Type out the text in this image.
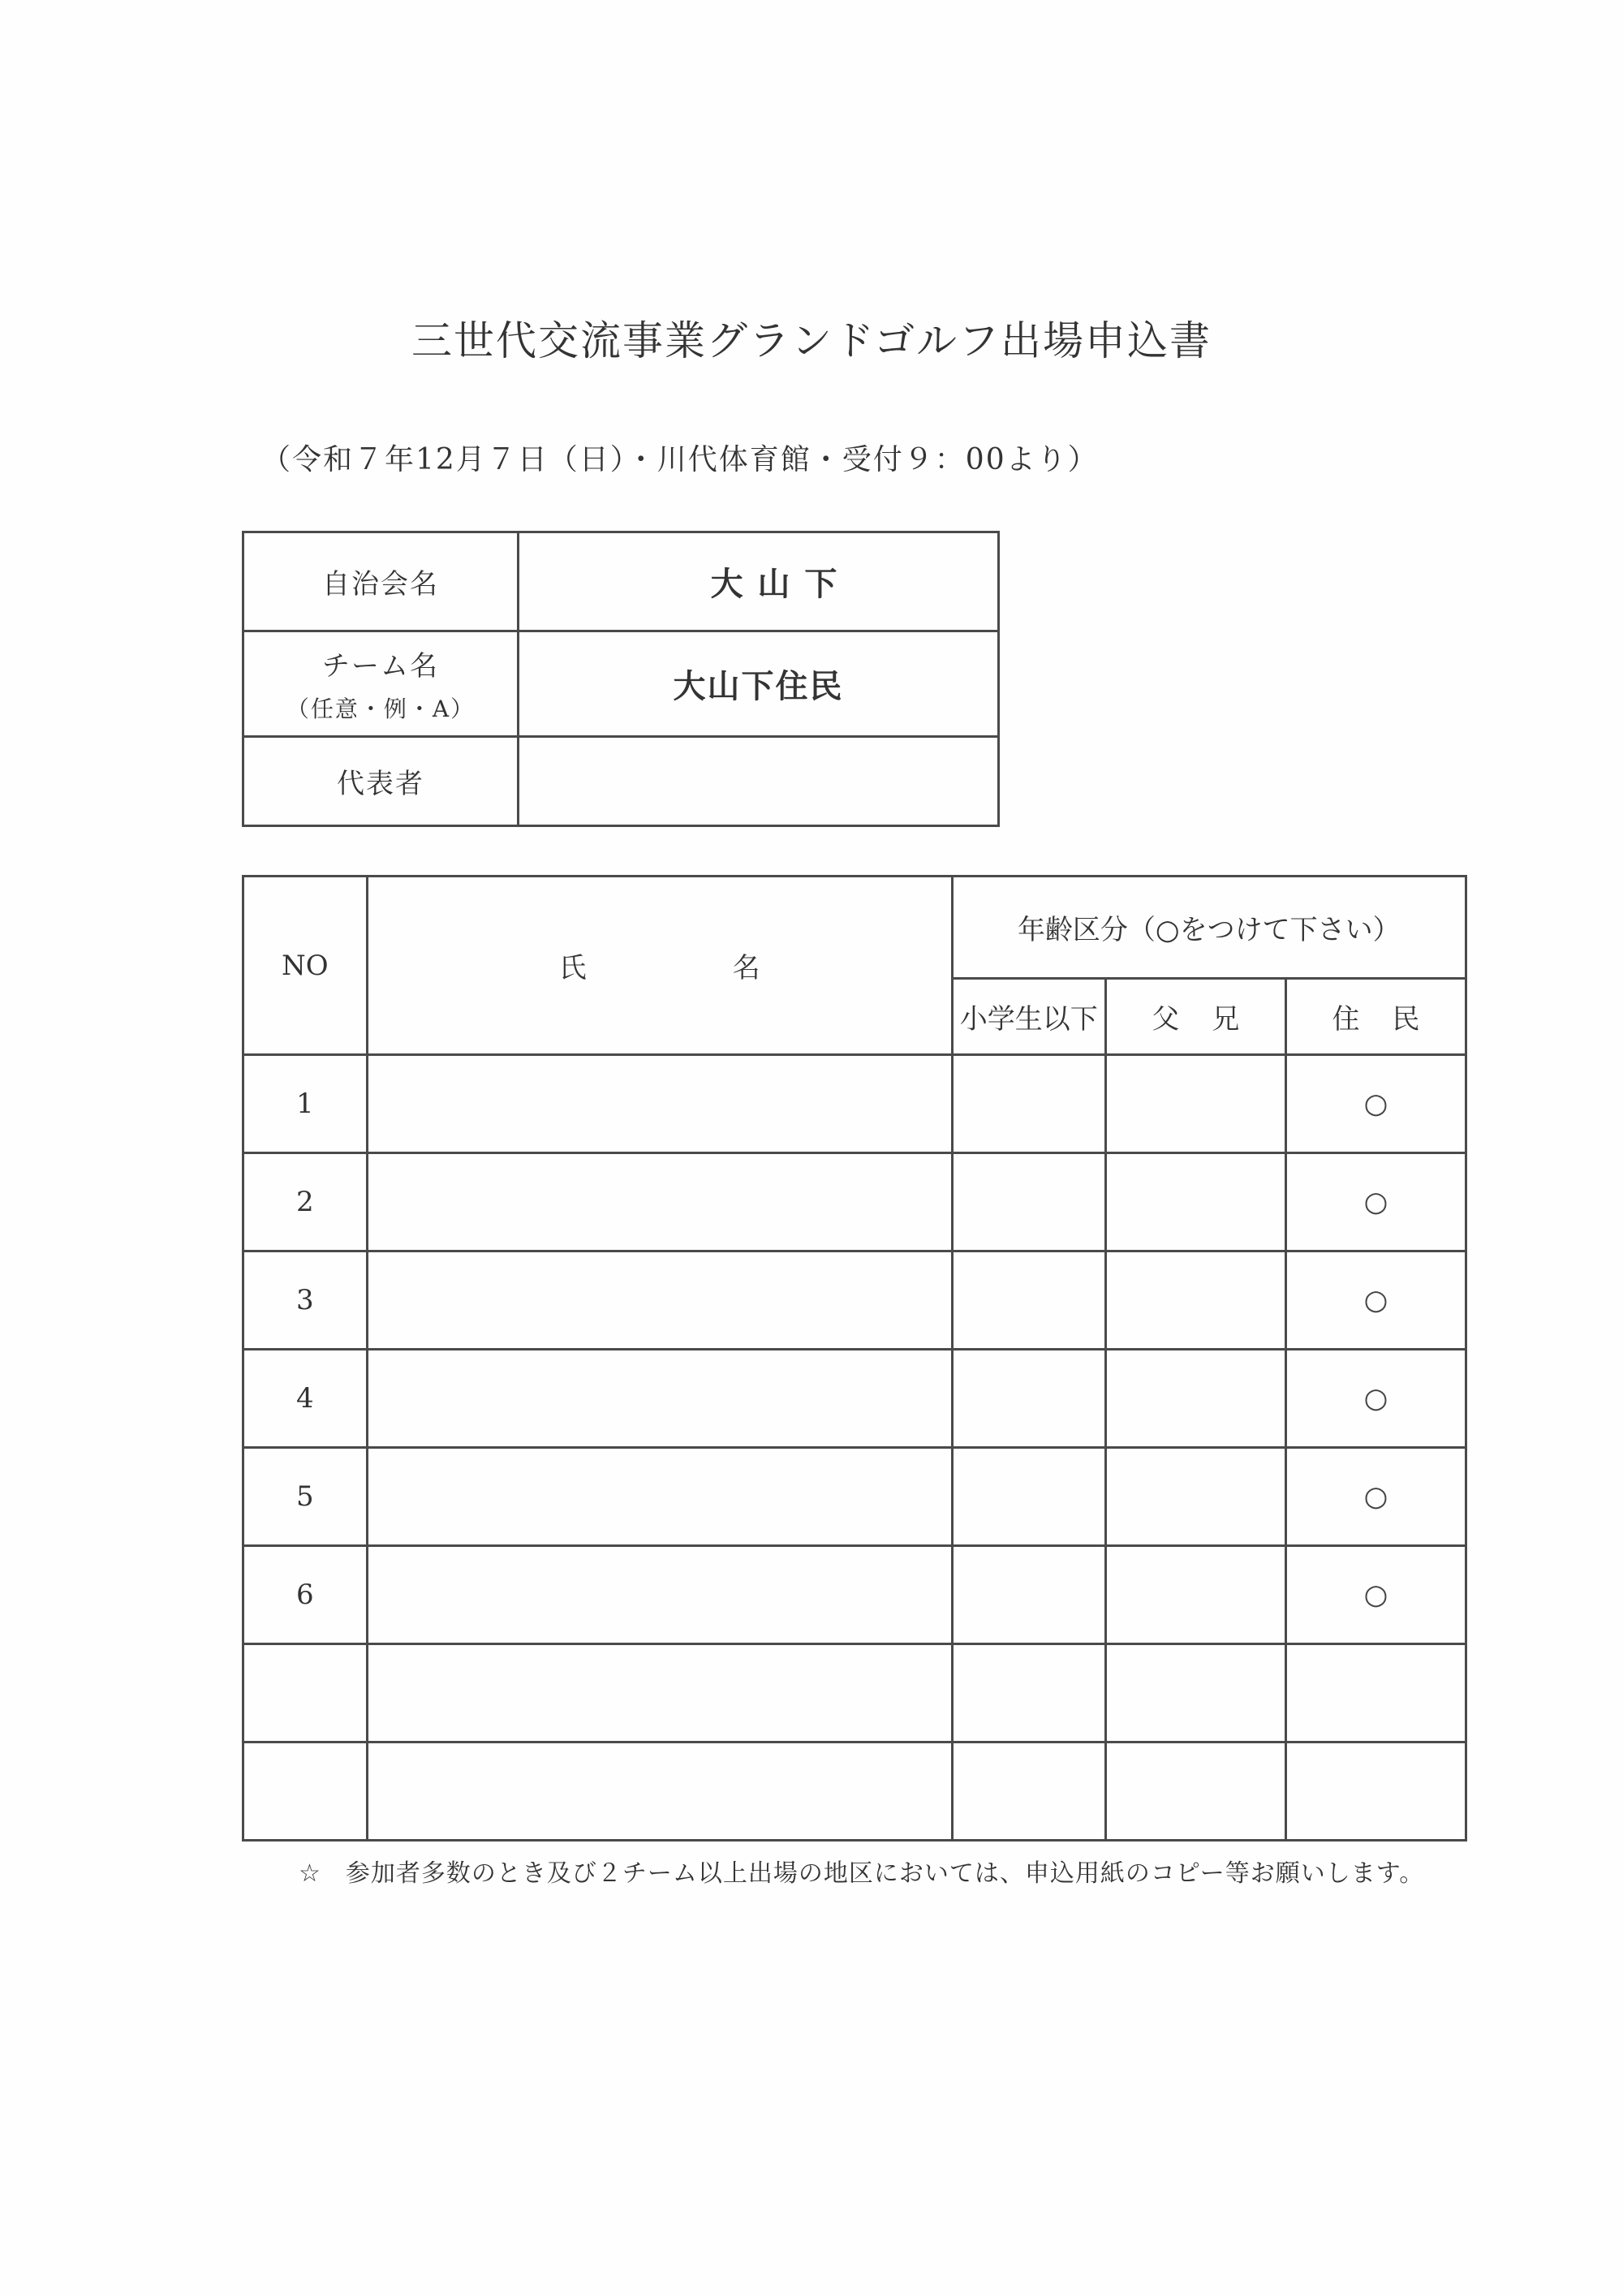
三世代交流事業グランドゴルフ出場申込書
（令和７年12月７日（日）・川代体育館・受付９：00より）
自治会名	大 山 下

チーム名
（任意・例・A）	大山下住民
代表者	
NO	氏名	年齢区分（○をつけて下さい）		
		小学生以下	父兄	住民
1				○
2				○
3				○
4				○
5				○
6				○

☆ 参加者多数のとき及び２チーム以上出場の地区においては、申込用紙のコピー等お願いします。
